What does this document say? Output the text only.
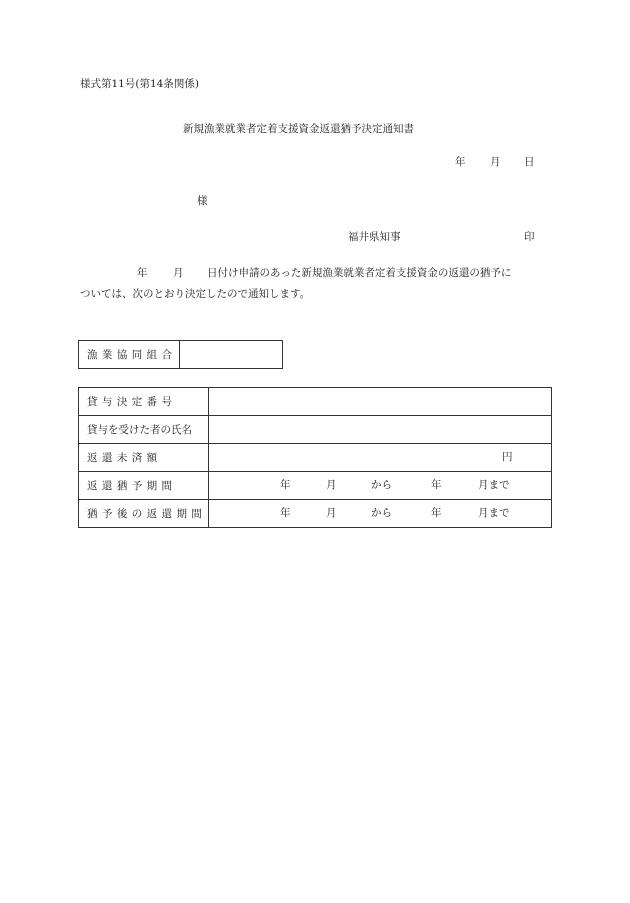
様式第11号(第14条関係)
新規漁業就業者定着支援資金返還猶予決定通知書
年 月 日
様
福井県知事	印
年 月 日付け申請のあった新規漁業就業者定着支援資金の返還の猶予に
ついては、次のとおり決定したので通知します。
漁業協同組合	
貸与決定番号	
貸与を受けた者の氏名	
返還未済額	円

返還猶予期間	年 月 から 年 月まで

猶予後の返還期間	年 月 から 年 月まで
